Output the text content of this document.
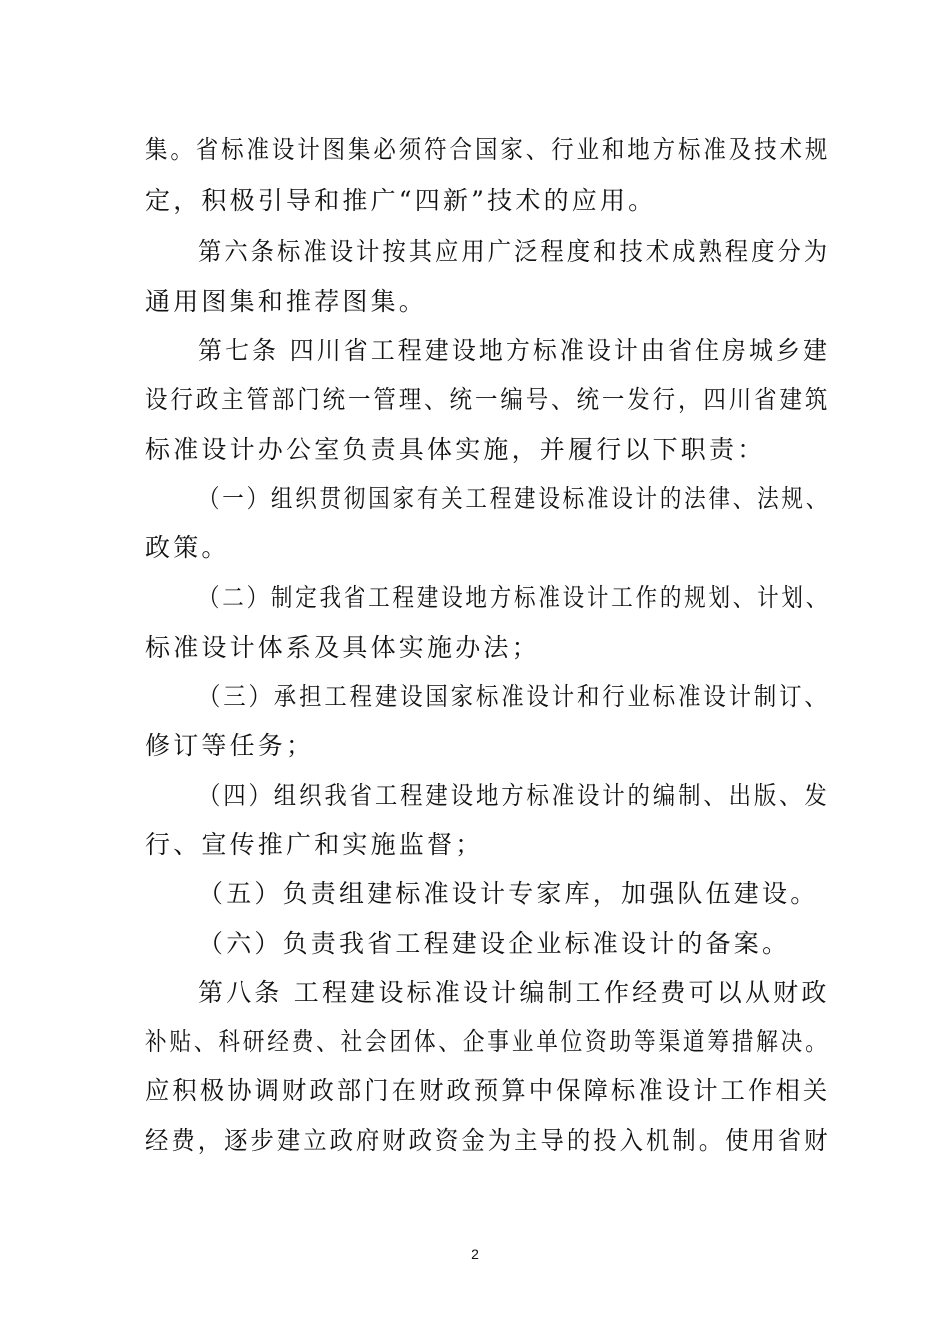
集。省标准设计图集必须符合国家、行业和地方标准及技术规
定，积极引导和推广“四新”技术的应用。
第六条标准设计按其应用广泛程度和技术成熟程度分为
通用图集和推荐图集。
第七条 四川省工程建设地方标准设计由省住房城乡建
设行政主管部门统一管理、统一编号、统一发行，四川省建筑
标准设计办公室负责具体实施，并履行以下职责：
（一）组织贯彻国家有关工程建设标准设计的法律、法规、
政策。
（二）制定我省工程建设地方标准设计工作的规划、计划、
标准设计体系及具体实施办法；
（三）承担工程建设国家标准设计和行业标准设计制订、
修订等任务；
（四）组织我省工程建设地方标准设计的编制、出版、发
行、宣传推广和实施监督；
（五）负责组建标准设计专家库，加强队伍建设。
（六）负责我省工程建设企业标准设计的备案。
第八条 工程建设标准设计编制工作经费可以从财政
补贴、科研经费、社会团体、企事业单位资助等渠道筹措解决。
应积极协调财政部门在财政预算中保障标准设计工作相关
经费，逐步建立政府财政资金为主导的投入机制。使用省财
2
